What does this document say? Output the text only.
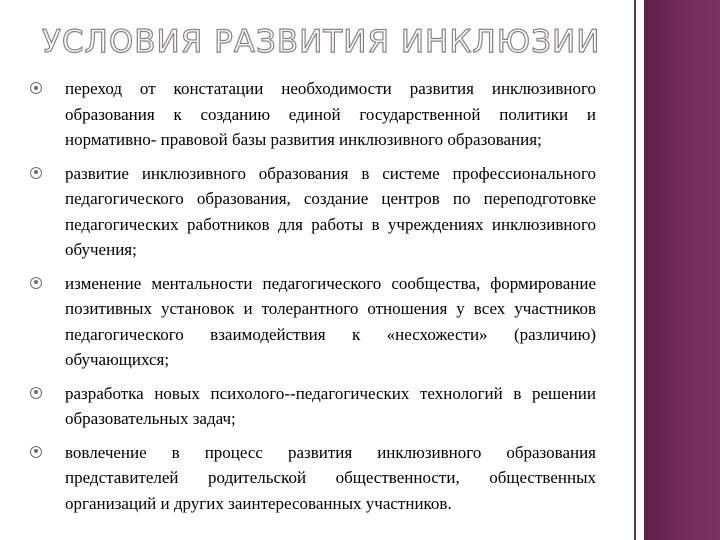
УСЛОВИЯ РАЗВИТИЯ ИНКЛЮЗИИ
переход от констатации необходимости развития инклюзивного образования к созданию единой государственной политики и нормативно- правовой базы развития инклюзивного образования;
развитие инклюзивного образования в системе профессионального педагогического образования, создание центров по переподготовке педагогических работников для работы в учреждениях инклюзивного обучения;
изменение ментальности педагогического сообщества, формирование позитивных установок и толерантного отношения у всех участников педагогического взаимодействия к «несхожести» (различию) обучающихся;
разработка новых психолого--педагогических технологий в решении образовательных задач;
вовлечение в процесс развития инклюзивного образования представителей родительской общественности, общественных организаций и других заинтересованных участников.
